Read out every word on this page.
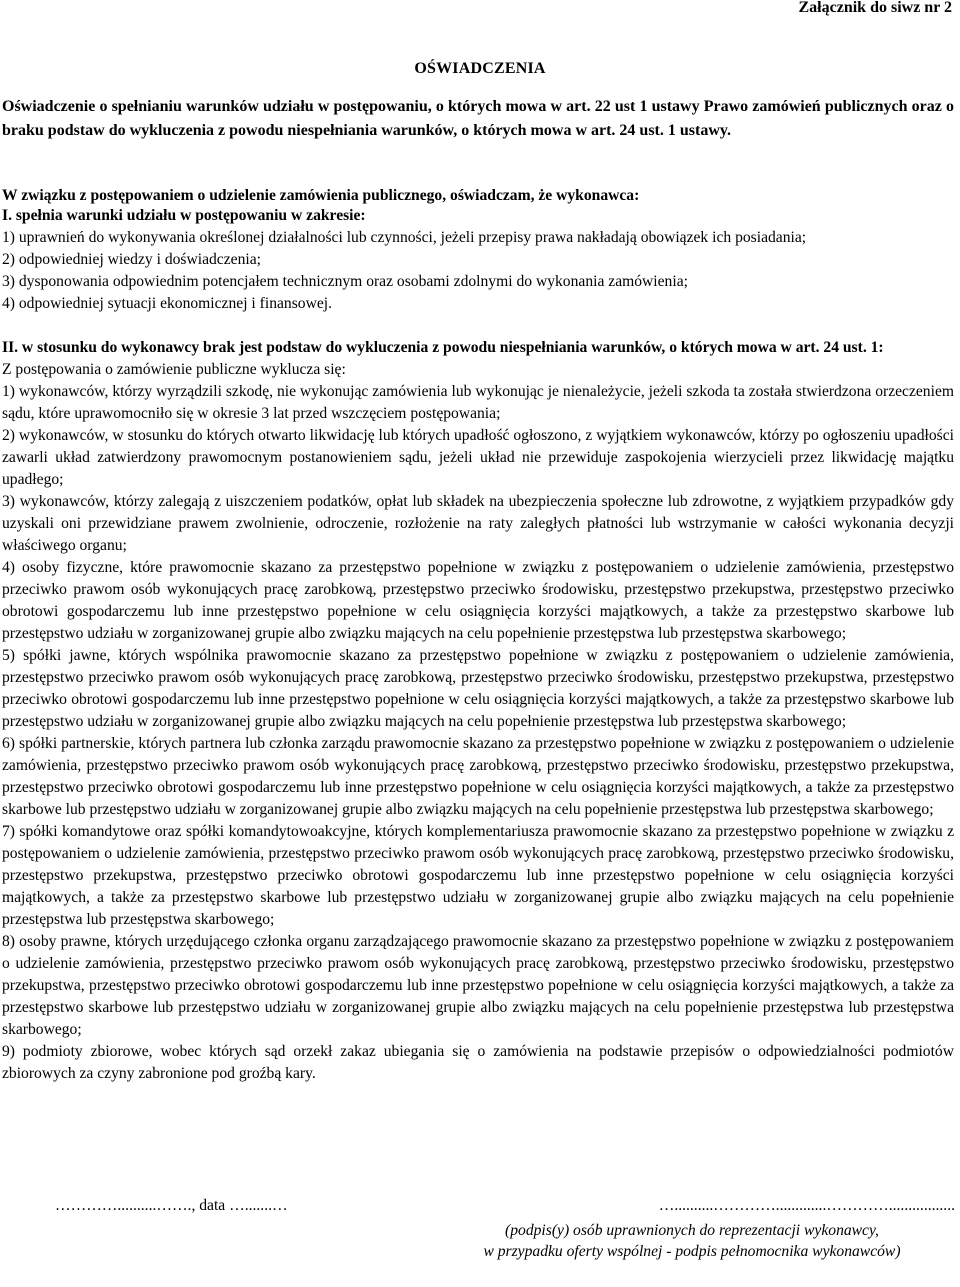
Załącznik do siwz nr 2
OŚWIADCZENIA

Oświadczenie o spełnianiu warunków udziału w postępowaniu, o których mowa w art. 22 ust 1 ustawy Prawo zamówień publicznych oraz o braku podstaw do wykluczenia z powodu niespełniania warunków, o których mowa w art. 24 ust. 1 ustawy.

W związku z postępowaniem o udzielenie zamówienia publicznego, oświadczam, że wykonawca:

I. spełnia warunki udziału w postępowaniu w zakresie:

1) uprawnień do wykonywania określonej działalności lub czynności, jeżeli przepisy prawa nakładają obowiązek ich posiadania;

2) odpowiedniej wiedzy i doświadczenia;

3) dysponowania odpowiednim potencjałem technicznym oraz osobami zdolnymi do wykonania zamówienia;

4) odpowiedniej sytuacji ekonomicznej i finansowej.

II. w stosunku do wykonawcy brak jest podstaw do wykluczenia z powodu niespełniania warunków, o których mowa w art. 24 ust. 1:

Z postępowania o zamówienie publiczne wyklucza się:

1) wykonawców, którzy wyrządzili szkodę, nie wykonując zamówienia lub wykonując je nienależycie, jeżeli szkoda ta została stwierdzona orzeczeniem sądu, które uprawomocniło się w okresie 3 lat przed wszczęciem postępowania;

2) wykonawców, w stosunku do których otwarto likwidację lub których upadłość ogłoszono, z wyjątkiem wykonawców, którzy po ogłoszeniu upadłości zawarli układ zatwierdzony prawomocnym postanowieniem sądu, jeżeli układ nie przewiduje zaspokojenia wierzycieli przez likwidację majątku upadłego;

3) wykonawców, którzy zalegają z uiszczeniem podatków, opłat lub składek na ubezpieczenia społeczne lub zdrowotne, z wyjątkiem przypadków gdy uzyskali oni przewidziane prawem zwolnienie, odroczenie, rozłożenie na raty zaległych płatności lub wstrzymanie w całości wykonania decyzji właściwego organu;

4) osoby fizyczne, które prawomocnie skazano za przestępstwo popełnione w związku z postępowaniem o udzielenie zamówienia, przestępstwo przeciwko prawom osób wykonujących pracę zarobkową, przestępstwo przeciwko środowisku, przestępstwo przekupstwa, przestępstwo przeciwko obrotowi gospodarczemu lub inne przestępstwo popełnione w celu osiągnięcia korzyści majątkowych, a także za przestępstwo skarbowe lub przestępstwo udziału w zorganizowanej grupie albo związku mających na celu popełnienie przestępstwa lub przestępstwa skarbowego;

5) spółki jawne, których wspólnika prawomocnie skazano za przestępstwo popełnione w związku z postępowaniem o udzielenie zamówienia, przestępstwo przeciwko prawom osób wykonujących pracę zarobkową, przestępstwo przeciwko środowisku, przestępstwo przekupstwa, przestępstwo przeciwko obrotowi gospodarczemu lub inne przestępstwo popełnione w celu osiągnięcia korzyści majątkowych, a także za przestępstwo skarbowe lub przestępstwo udziału w zorganizowanej grupie albo związku mających na celu popełnienie przestępstwa lub przestępstwa skarbowego;

6) spółki partnerskie, których partnera lub członka zarządu prawomocnie skazano za przestępstwo popełnione w związku z postępowaniem o udzielenie zamówienia, przestępstwo przeciwko prawom osób wykonujących pracę zarobkową, przestępstwo przeciwko środowisku, przestępstwo przekupstwa, przestępstwo przeciwko obrotowi gospodarczemu lub inne przestępstwo popełnione w celu osiągnięcia korzyści majątkowych, a także za przestępstwo skarbowe lub przestępstwo udziału w zorganizowanej grupie albo związku mających na celu popełnienie przestępstwa lub przestępstwa skarbowego;

7) spółki komandytowe oraz spółki komandytowoakcyjne, których komplementariusza prawomocnie skazano za przestępstwo popełnione w związku z postępowaniem o udzielenie zamówienia, przestępstwo przeciwko prawom osób wykonujących pracę zarobkową, przestępstwo przeciwko środowisku, przestępstwo przekupstwa, przestępstwo przeciwko obrotowi gospodarczemu lub inne przestępstwo popełnione w celu osiągnięcia korzyści majątkowych, a także za przestępstwo skarbowe lub przestępstwo udziału w zorganizowanej grupie albo związku mających na celu popełnienie przestępstwa lub przestępstwa skarbowego;

8) osoby prawne, których urzędującego członka organu zarządzającego prawomocnie skazano za przestępstwo popełnione w związku z postępowaniem o udzielenie zamówienia, przestępstwo przeciwko prawom osób wykonujących pracę zarobkową, przestępstwo przeciwko środowisku, przestępstwo przekupstwa, przestępstwo przeciwko obrotowi gospodarczemu lub inne przestępstwo popełnione w celu osiągnięcia korzyści majątkowych, a także za przestępstwo skarbowe lub przestępstwo udziału w zorganizowanej grupie albo związku mających na celu popełnienie przestępstwa lub przestępstwa skarbowego;

9) podmioty zbiorowe, wobec których sąd orzekł zakaz ubiegania się o zamówienia na podstawie przepisów o odpowiedzialności podmiotów zbiorowych za czyny zabronione pod groźbą kary.

…………..........……., data ….......…	…..........………….............………….................
(podpis(y) osób uprawnionych do reprezentacji wykonawcy,
w przypadku oferty wspólnej - podpis pełnomocnika wykonawców)
